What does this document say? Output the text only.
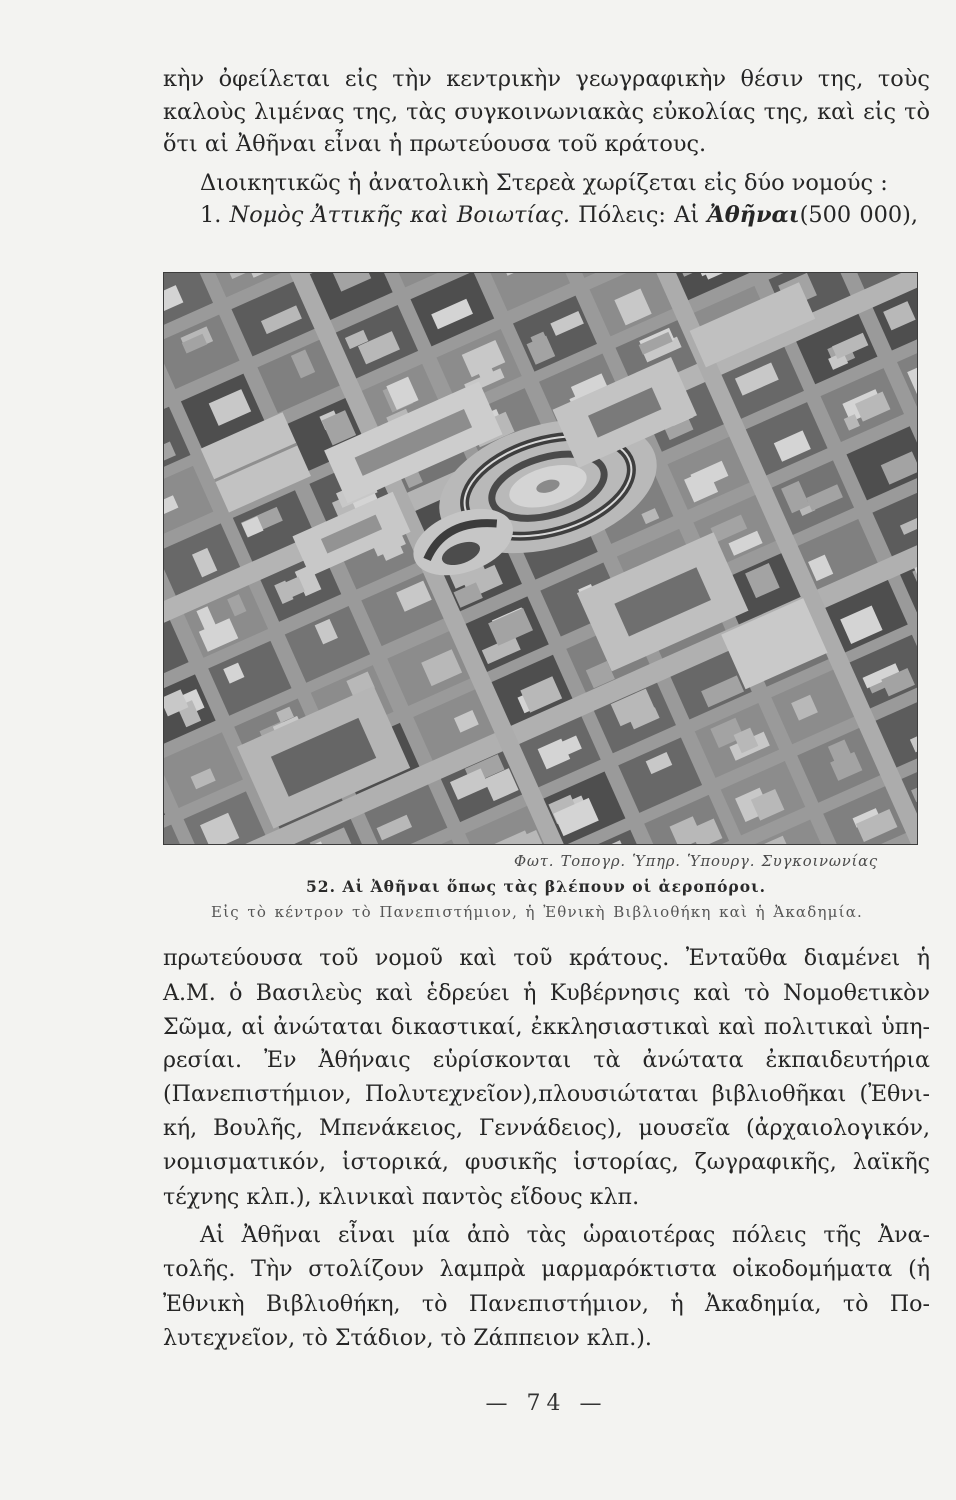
κὴν ὀφείλεται εἰς τὴν κεντρικὴν γεωγραφικὴν θέσιν της, τοὺς
καλοὺς λιμένας της, τὰς συγκοινωνιακὰς εὐκολίας της, καὶ εἰς τὸ
ὅτι αἱ Ἀθῆναι εἶναι ἡ πρωτεύουσα τοῦ κράτους.
Διοικητικῶς ἡ ἀνατολικὴ Στερεὰ χωρίζεται εἰς δύο νομούς :
1. Νομὸς Ἀττικῆς καὶ Βοιωτίας. Πόλεις: Αἱ Ἀθῆναι(500 000),
Φωτ. Τοπογρ. Ὑπηρ. Ὑπουργ. Συγκοινωνίας
52. Αἱ Ἀθῆναι ὅπως τὰς βλέπουν οἱ ἀεροπόροι.
Εἰς τὸ κέντρον τὸ Πανεπιστήμιον, ἡ Ἐθνικὴ Βιβλιοθήκη καὶ ἡ Ἀκαδημία.
πρωτεύουσα τοῦ νομοῦ καὶ τοῦ κράτους. Ἐνταῦθα διαμένει ἡ
Α.Μ. ὁ Βασιλεὺς καὶ ἑδρεύει ἡ Κυβέρνησις καὶ τὸ Νομοθετικὸν
Σῶμα, αἱ ἀνώταται δικαστικαί, ἐκκλησιαστικαὶ καὶ πολιτικαὶ ὑπη-
ρεσίαι. Ἐν Ἀθήναις εὑρίσκονται τὰ ἀνώτατα ἐκπαιδευτήρια
(Πανεπιστήμιον, Πολυτεχνεῖον),πλουσιώταται βιβλιοθῆκαι (Ἐθνι-
κή, Βουλῆς, Μπενάκειος, Γεννάδειος), μουσεῖα (ἀρχαιολογικόν,
νομισματικόν, ἱστορικά, φυσικῆς ἱστορίας, ζωγραφικῆς, λαϊκῆς
τέχνης κλπ.), κλινικαὶ παντὸς εἴδους κλπ.
Αἱ Ἀθῆναι εἶναι μία ἀπὸ τὰς ὡραιοτέρας πόλεις τῆς Ἀνα-
τολῆς. Τὴν στολίζουν λαμπρὰ μαρμαρόκτιστα οἰκοδομήματα (ἡ
Ἐθνικὴ Βιβλιοθήκη, τὸ Πανεπιστήμιον, ἡ Ἀκαδημία, τὸ Πο-
λυτεχνεῖον, τὸ Στάδιον, τὸ Ζάππειον κλπ.).
— 74 —
